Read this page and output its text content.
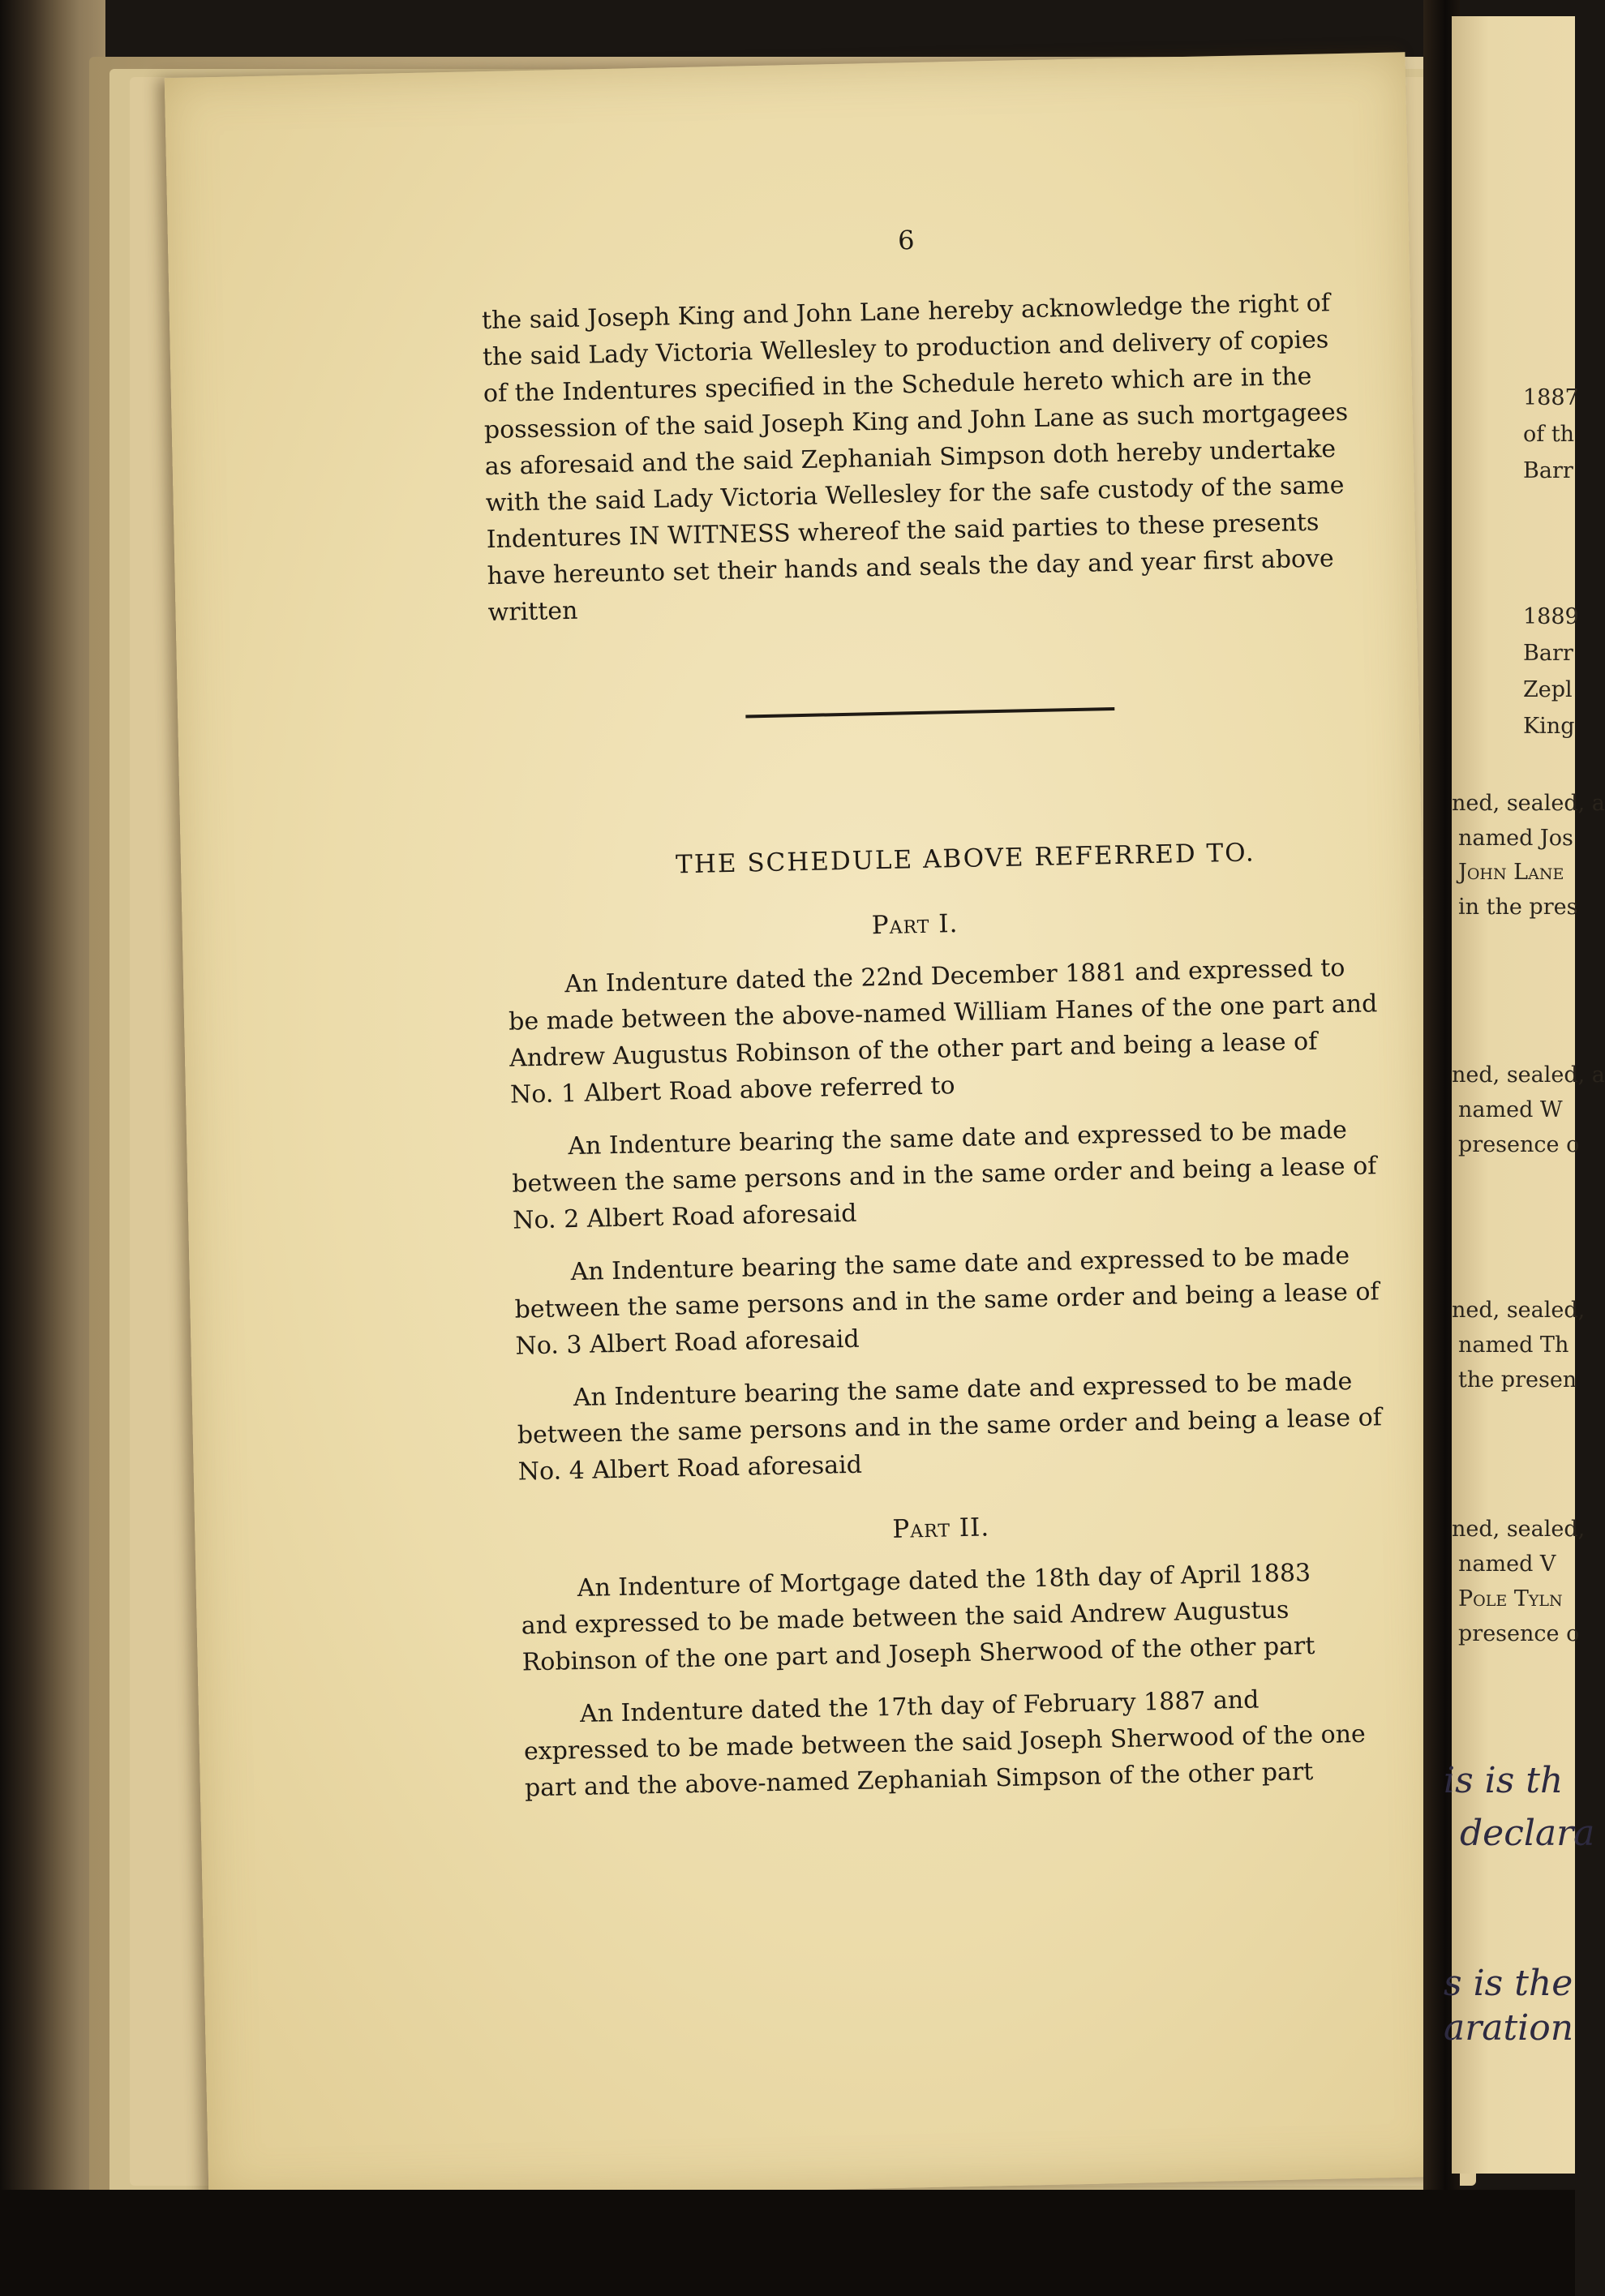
6
the said Joseph King and John Lane hereby acknowledge the right of
the said Lady Victoria Wellesley to production and delivery of copies
of the Indentures specified in the Schedule hereto which are in the
possession of the said Joseph King and John Lane as such mortgagees
as aforesaid and the said Zephaniah Simpson doth hereby undertake
with the said Lady Victoria Wellesley for the safe custody of the same
Indentures IN WITNESS whereof the said parties to these presents
have hereunto set their hands and seals the day and year first above
written
THE SCHEDULE ABOVE REFERRED TO.
Part I.
An Indenture dated the 22nd December 1881 and expressed to
be made between the above-named William Hanes of the one part and
Andrew Augustus Robinson of the other part and being a lease of
No. 1 Albert Road above referred to
An Indenture bearing the same date and expressed to be made
between the same persons and in the same order and being a lease of
No. 2 Albert Road aforesaid
An Indenture bearing the same date and expressed to be made
between the same persons and in the same order and being a lease of
No. 3 Albert Road aforesaid
An Indenture bearing the same date and expressed to be made
between the same persons and in the same order and being a lease of
No. 4 Albert Road aforesaid
Part II.
An Indenture of Mortgage dated the 18th day of April 1883
and expressed to be made between the said Andrew Augustus
Robinson of the one part and Joseph Sherwood of the other part
An Indenture dated the 17th day of February 1887 and
expressed to be made between the said Joseph Sherwood of the one
part and the above-named Zephaniah Simpson of the other part
1887
of th
Barr
1889
Barr
Zepl
King
ned, sealed, a
named Jos
John Lane
in the pres
ned, sealed, a
named W
presence o
ned, sealed,
named Th
the presen
ned, sealed,
named V
Pole Tyln
presence o
is is th
declara
s is the
aration
